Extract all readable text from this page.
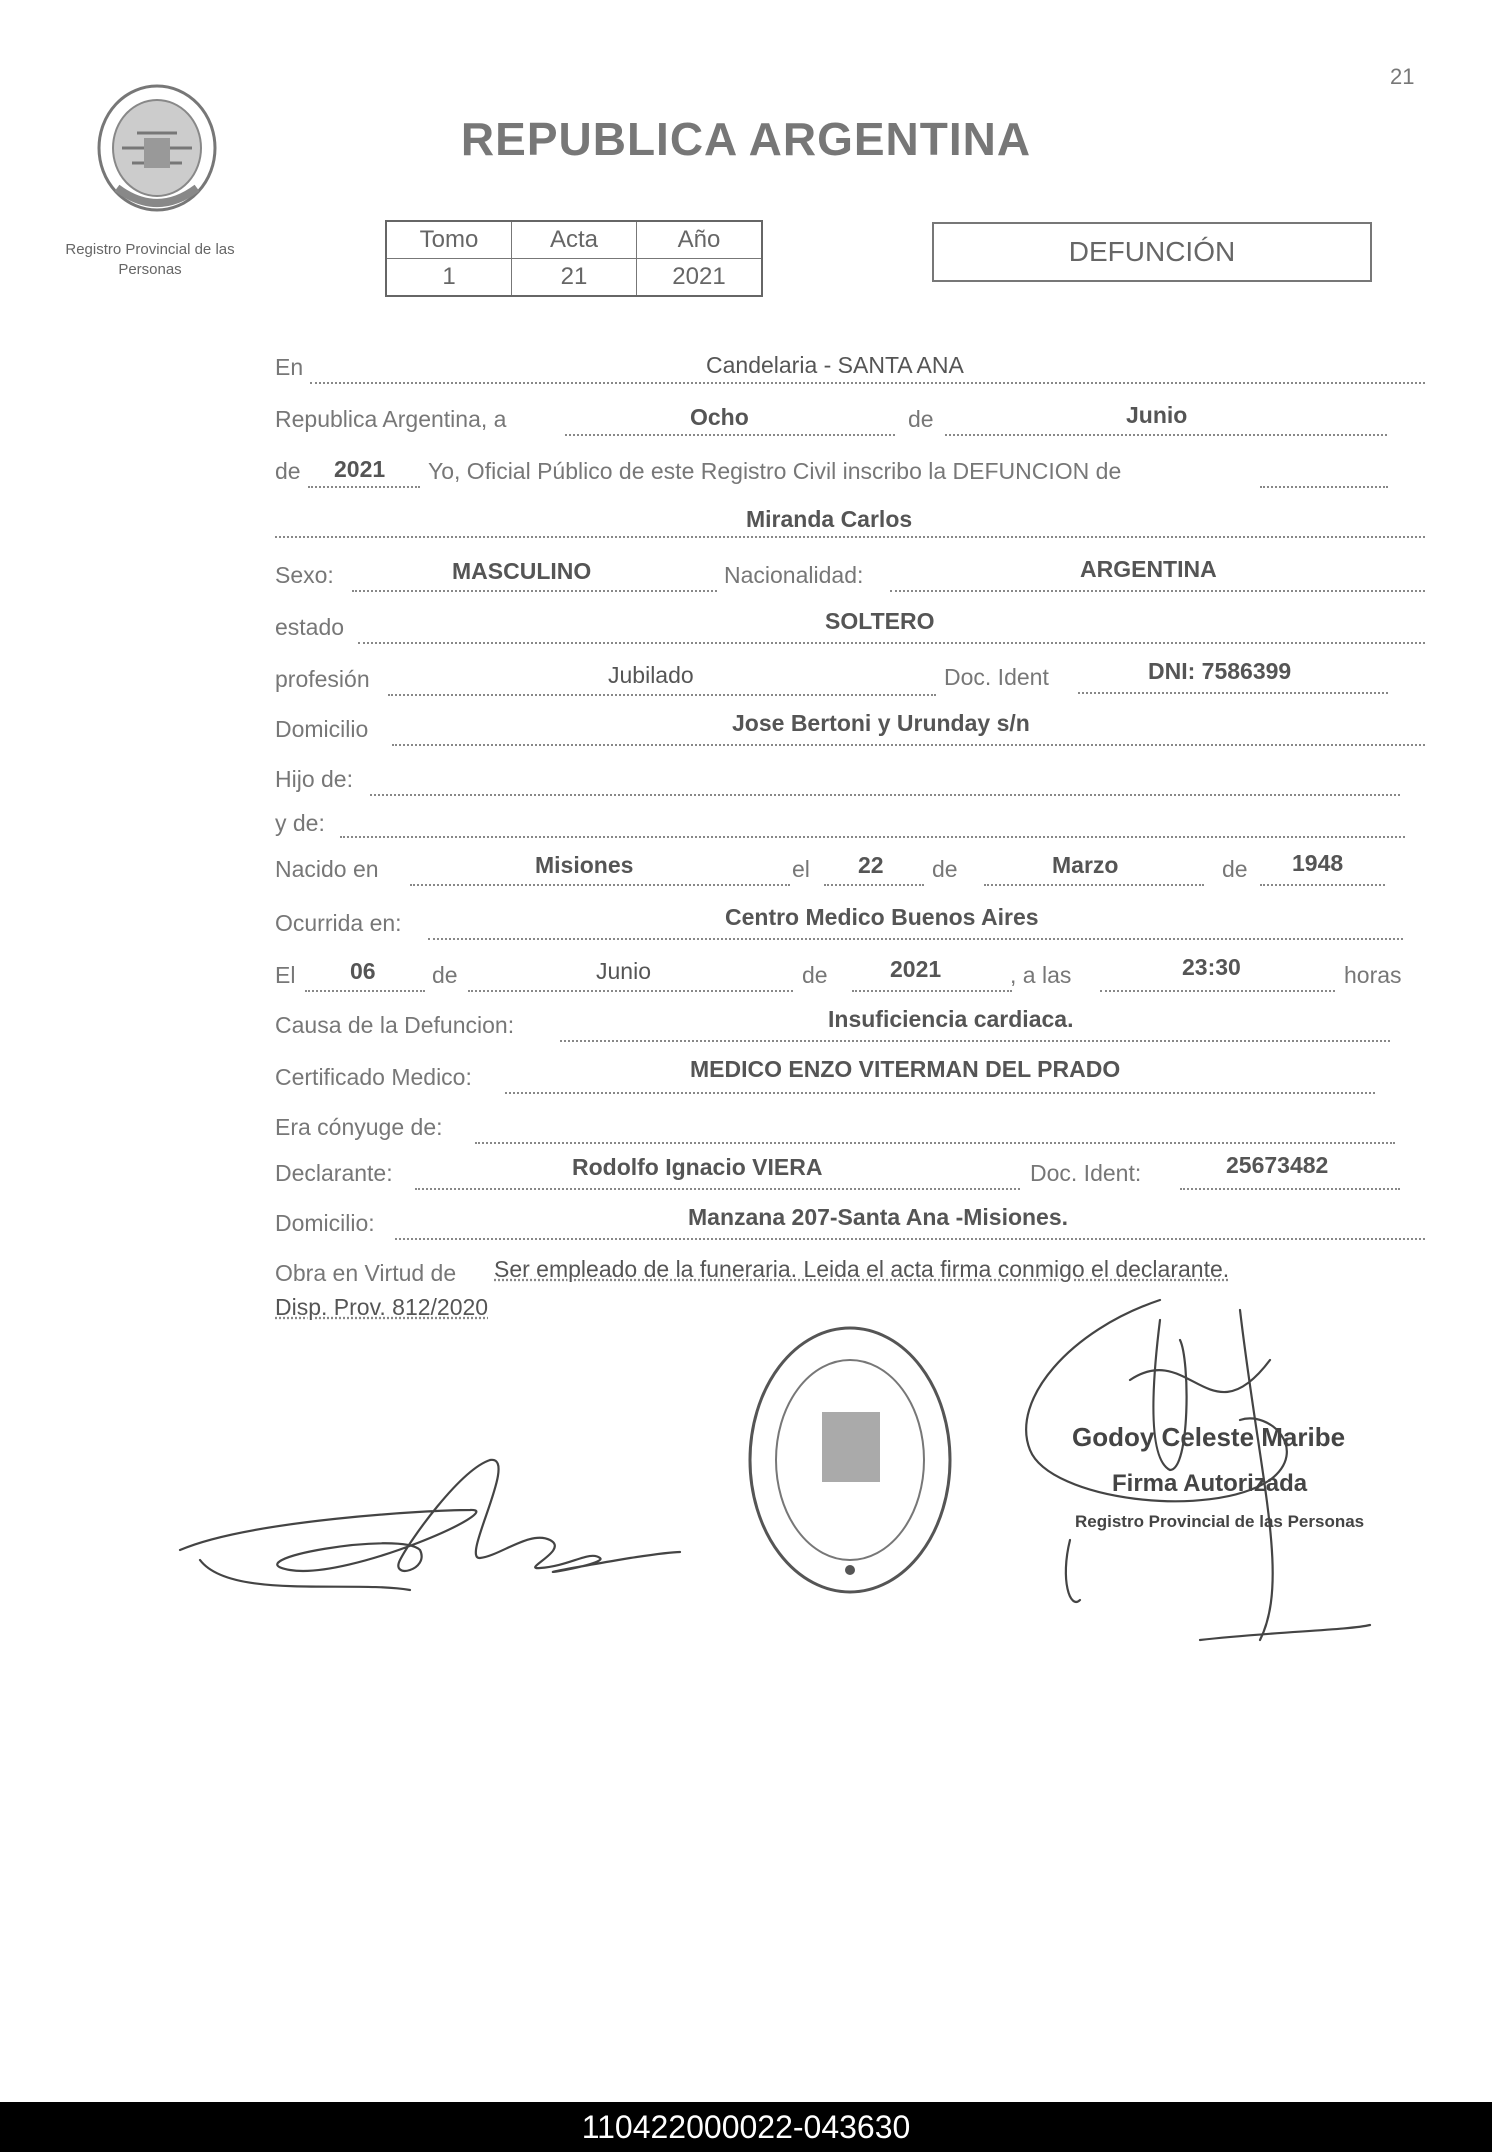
21
Registro Provincial de las Personas
REPUBLICA ARGENTINA
Tomo	Acta	Año
1	21	2021
DEFUNCIÓN
En	Candelaria - SANTA ANA
Republica Argentina, a	Ocho	de	Junio
de 2021 Yo, Oficial Público de este Registro Civil inscribo la DEFUNCION de
Miranda Carlos
Sexo:	MASCULINO	Nacionalidad:	ARGENTINA
estado	SOLTERO
profesión	Jubilado	Doc. Ident	DNI: 7586399
Domicilio	Jose Bertoni y Urunday s/n
Hijo de:
y de:
Nacido en	Misiones	el 22 de	Marzo	de 1948
Ocurrida en:	Centro Medico Buenos Aires
El 06 de	Junio	de	2021	, a las	23:30	horas
Causa de la Defuncion:	Insuficiencia cardiaca.
Certificado Medico:	MEDICO ENZO VITERMAN DEL PRADO
Era cónyuge de:
Declarante:	Rodolfo Ignacio VIERA	Doc. Ident:	25673482
Domicilio:	Manzana 207-Santa Ana -Misiones.
Obra en Virtud de Ser empleado de la funeraria. Leida el acta firma conmigo el declarante.
Disp. Prov. 812/2020
Godoy Celeste Maribe
Firma Autorizada
Registro Provincial de las Personas
110422000022-043630
